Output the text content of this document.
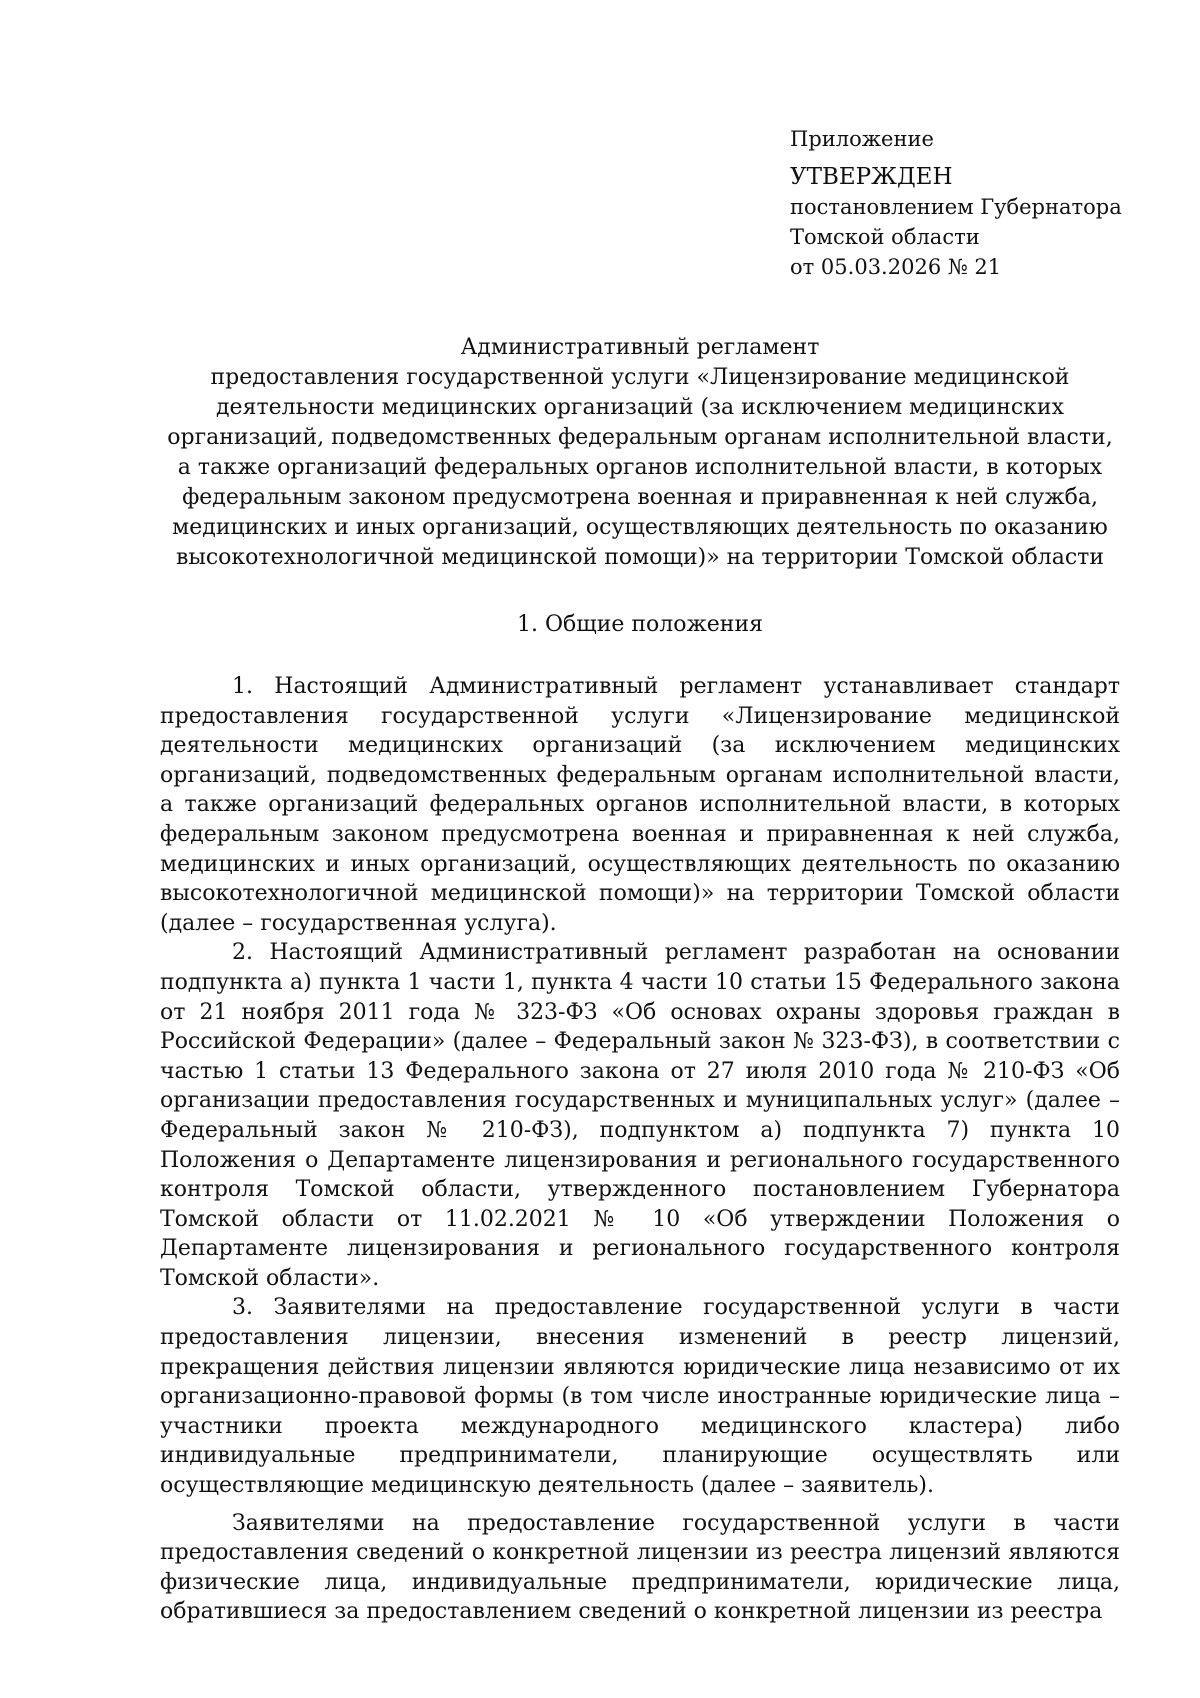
Приложение
УТВЕРЖДЕН
постановлением Губернатора
Томской области
от 05.03.2026 № 21
Административный регламент
предоставления государственной услуги «Лицензирование медицинской
деятельности медицинских организаций (за исключением медицинских
организаций, подведомственных федеральным органам исполнительной власти,
а также организаций федеральных органов исполнительной власти, в которых
федеральным законом предусмотрена военная и приравненная к ней служба,
медицинских и иных организаций, осуществляющих деятельность по оказанию
высокотехнологичной медицинской помощи)» на территории Томской области
1. Общие положения

1. Настоящий Административный регламент устанавливает стандарт предоставления государственной услуги «Лицензирование медицинской деятельности медицинских организаций (за исключением медицинских организаций, подведомственных федеральным органам исполнительной власти, а также организаций федеральных органов исполнительной власти, в которых федеральным законом предусмотрена военная и приравненная к ней служба, медицинских и иных организаций, осуществляющих деятельность по оказанию высокотехнологичной медицинской помощи)» на территории Томской области (далее – государственная услуга).

2. Настоящий Административный регламент разработан на основании подпункта а) пункта 1 части 1, пункта 4 части 10 статьи 15 Федерального закона от 21 ноября 2011 года № 323-ФЗ «Об основах охраны здоровья граждан в Российской Федерации» (далее – Федеральный закон № 323-ФЗ), в соответствии с частью 1 статьи 13 Федерального закона от 27 июля 2010 года № 210-ФЗ «Об организации предоставления государственных и муниципальных услуг» (далее – Федеральный закон № 210-ФЗ), подпунктом а) подпункта 7) пункта 10 Положения о Департаменте лицензирования и регионального государственного контроля Томской области, утвержденного постановлением Губернатора Томской области от 11.02.2021 № 10 «Об утверждении Положения о Департаменте лицензирования и регионального государственного контроля Томской области».

3. Заявителями на предоставление государственной услуги в части предоставления лицензии, внесения изменений в реестр лицензий, прекращения действия лицензии являются юридические лица независимо от их организационно-правовой формы (в том числе иностранные юридические лица – участники проекта международного медицинского кластера) либо индивидуальные предприниматели, планирующие осуществлять или осуществляющие медицинскую деятельность (далее – заявитель).

Заявителями на предоставление государственной услуги в части предоставления сведений о конкретной лицензии из реестра лицензий являются физические лица, индивидуальные предприниматели, юридические лица, обратившиеся за предоставлением сведений о конкретной лицензии из реестра
